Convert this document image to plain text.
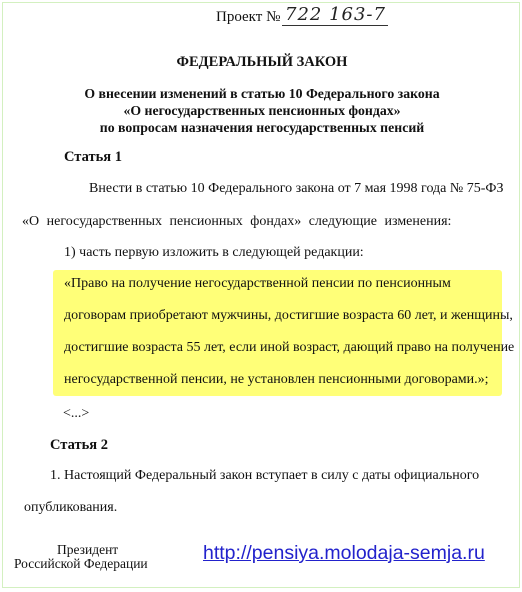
Проект № 722 163-7
ФЕДЕРАЛЬНЫЙ ЗАКОН
О внесении изменений в статью 10 Федерального закона
«О негосударственных пенсионных фондах»
по вопросам назначения негосударственных пенсий
Статья 1
Внести в статью 10 Федерального закона от 7 мая 1998 года № 75-ФЗ
«О негосударственных пенсионных фондах» следующие изменения:
1) часть первую изложить в следующей редакции:
«Право на получение негосударственной пенсии по пенсионным
договорам приобретают мужчины, достигшие возраста 60 лет, и женщины,
достигшие возраста 55 лет, если иной возраст, дающий право на получение
негосударственной пенсии, не установлен пенсионными договорами.»;
<...>
Статья 2
1. Настоящий Федеральный закон вступает в силу с даты официального
опубликования.
Президент
Российской Федерации	http://pensiya.molodaja-semja.ru
